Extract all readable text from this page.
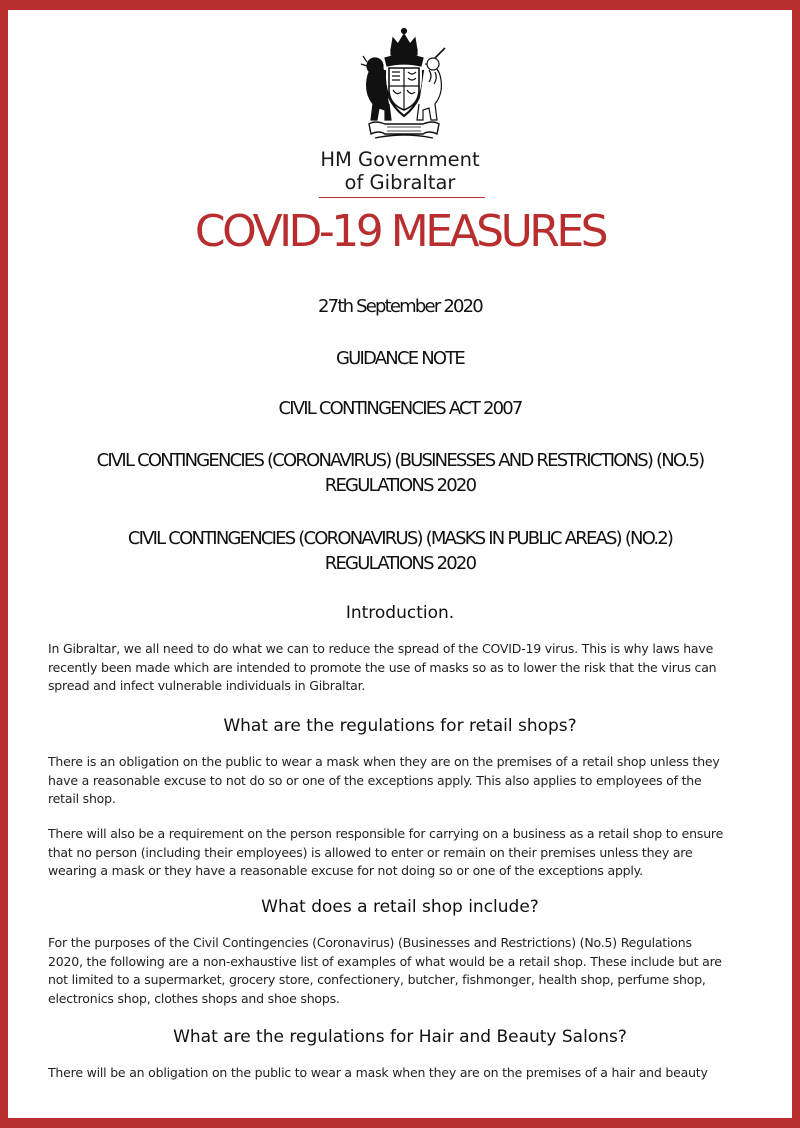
HM Government
of Gibraltar
COVID-19 MEASURES
27th September 2020
GUIDANCE NOTE
CIVIL CONTINGENCIES ACT 2007
CIVIL CONTINGENCIES (CORONAVIRUS) (BUSINESSES AND RESTRICTIONS) (NO.5)
REGULATIONS 2020
CIVIL CONTINGENCIES (CORONAVIRUS) (MASKS IN PUBLIC AREAS) (NO.2)
REGULATIONS 2020
Introduction.
In Gibraltar, we all need to do what we can to reduce the spread of the COVID-19 virus. This is why laws have
recently been made which are intended to promote the use of masks so as to lower the risk that the virus can
spread and infect vulnerable individuals in Gibraltar.
What are the regulations for retail shops?
There is an obligation on the public to wear a mask when they are on the premises of a retail shop unless they
have a reasonable excuse to not do so or one of the exceptions apply. This also applies to employees of the
retail shop.
There will also be a requirement on the person responsible for carrying on a business as a retail shop to ensure
that no person (including their employees) is allowed to enter or remain on their premises unless they are
wearing a mask or they have a reasonable excuse for not doing so or one of the exceptions apply.
What does a retail shop include?
For the purposes of the Civil Contingencies (Coronavirus) (Businesses and Restrictions) (No.5) Regulations
2020, the following are a non-exhaustive list of examples of what would be a retail shop. These include but are
not limited to a supermarket, grocery store, confectionery, butcher, fishmonger, health shop, perfume shop,
electronics shop, clothes shops and shoe shops.
What are the regulations for Hair and Beauty Salons?
There will be an obligation on the public to wear a mask when they are on the premises of a hair and beauty
